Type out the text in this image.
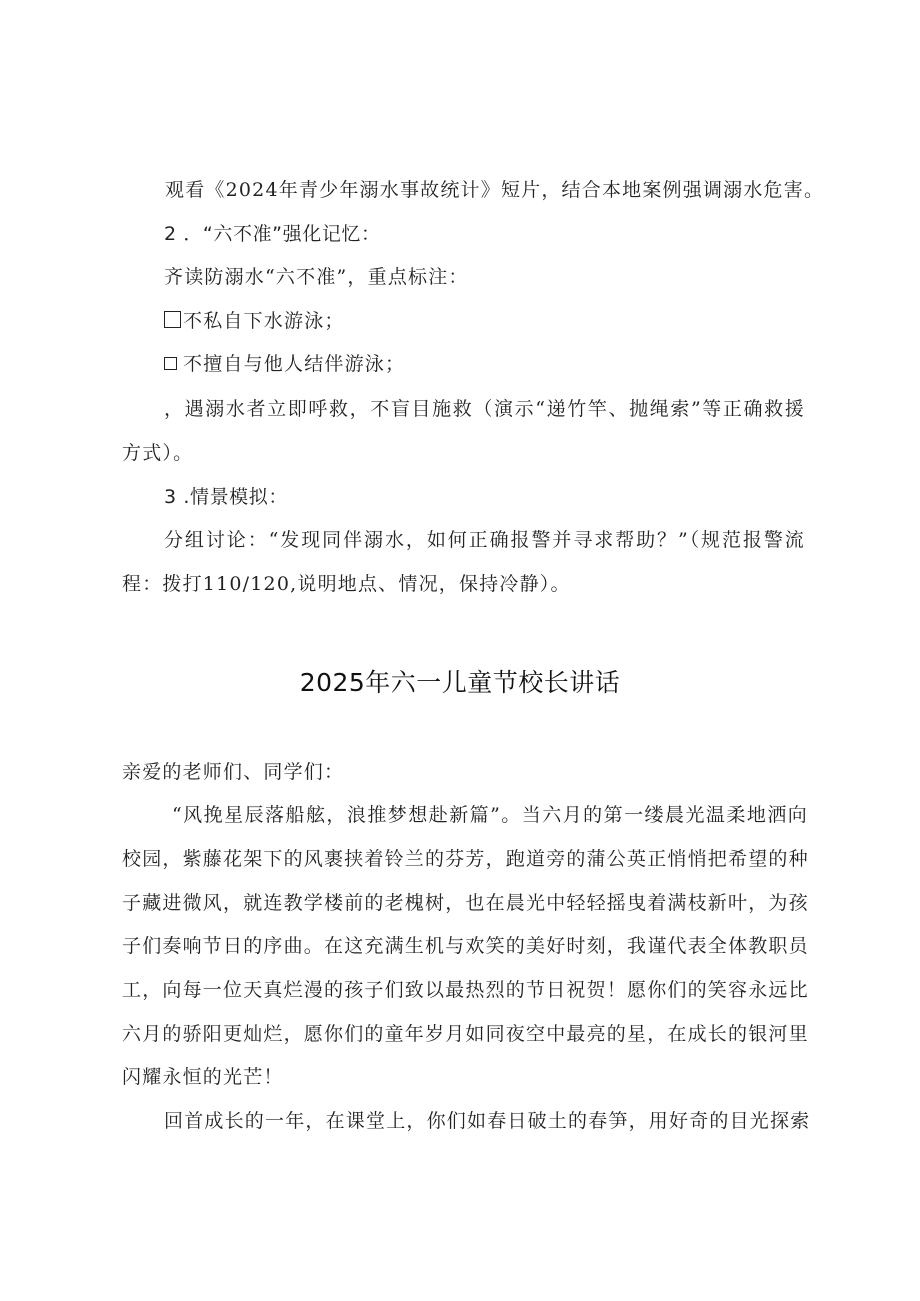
观看《2024年青少年溺水事故统计》短片，结合本地案例强调溺水危害。

2 ．“六不准”强化记忆：

齐读防溺水“六不准”，重点标注：

不私自下水游泳；

不擅自与他人结伴游泳；

，遇溺水者立即呼救，不盲目施救（演示“递竹竿、抛绳索”等正确救援

方式）。

3 .情景模拟：

分组讨论：“发现同伴溺水，如何正确报警并寻求帮助？”（规范报警流

程：拨打110/120,说明地点、情况，保持冷静）。

2025年六一儿童节校长讲话

亲爱的老师们、同学们：

“风挽星辰落船舷，浪推梦想赴新篇”。当六月的第一缕晨光温柔地洒向

校园，紫藤花架下的风裹挟着铃兰的芬芳，跑道旁的蒲公英正悄悄把希望的种

子藏进微风，就连教学楼前的老槐树，也在晨光中轻轻摇曳着满枝新叶，为孩

子们奏响节日的序曲。在这充满生机与欢笑的美好时刻，我谨代表全体教职员

工，向每一位天真烂漫的孩子们致以最热烈的节日祝贺！愿你们的笑容永远比

六月的骄阳更灿烂，愿你们的童年岁月如同夜空中最亮的星，在成长的银河里

闪耀永恒的光芒！

回首成长的一年，在课堂上，你们如春日破土的春笋，用好奇的目光探索
